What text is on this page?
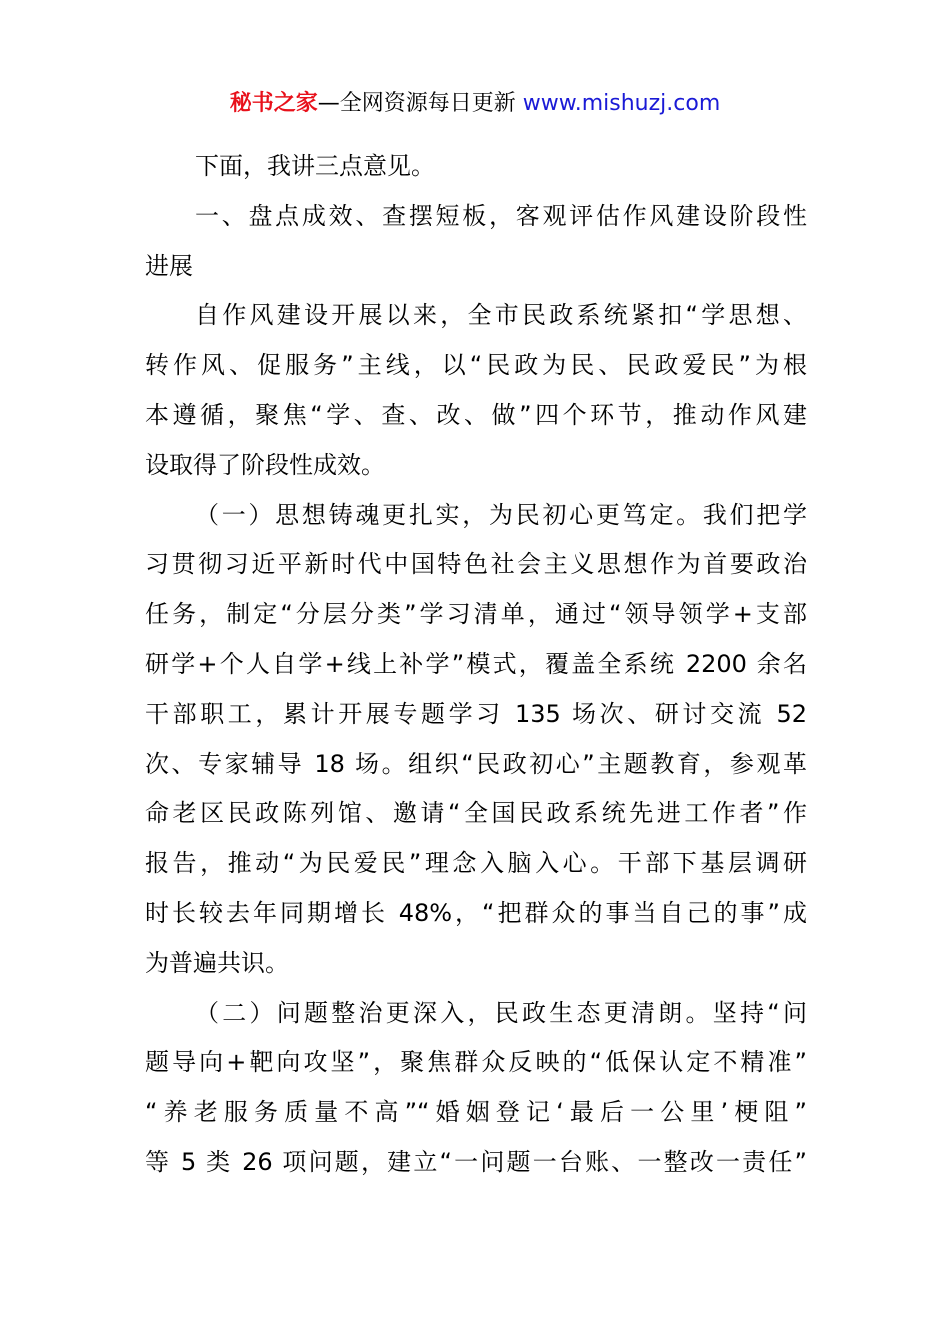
秘书之家—全网资源每日更新 www.mishuzj.com
下面，我讲三点意见。
一、盘点成效、查摆短板，客观评估作风建设阶段性
进展
自作风建设开展以来，全市民政系统紧扣“学思想、
转作风、促服务”主线，以“民政为民、民政爱民”为根
本遵循，聚焦“学、查、改、做”四个环节，推动作风建
设取得了阶段性成效。
（一）思想铸魂更扎实，为民初心更笃定。我们把学
习贯彻习近平新时代中国特色社会主义思想作为首要政治
任务，制定“分层分类”学习清单，通过“领导领学+支部
研学+个人自学+线上补学”模式，覆盖全系统 2200 余名
干部职工，累计开展专题学习 135 场次、研讨交流 52
次、专家辅导 18 场。组织“民政初心”主题教育，参观革
命老区民政陈列馆、邀请“全国民政系统先进工作者”作
报告，推动“为民爱民”理念入脑入心。干部下基层调研
时长较去年同期增长 48%，“把群众的事当自己的事”成
为普遍共识。
（二）问题整治更深入，民政生态更清朗。坚持“问
题导向+靶向攻坚”，聚焦群众反映的“低保认定不精准”
“养老服务质量不高”“婚姻登记‘最后一公里’梗阻”
等 5 类 26 项问题，建立“一问题一台账、一整改一责任”
